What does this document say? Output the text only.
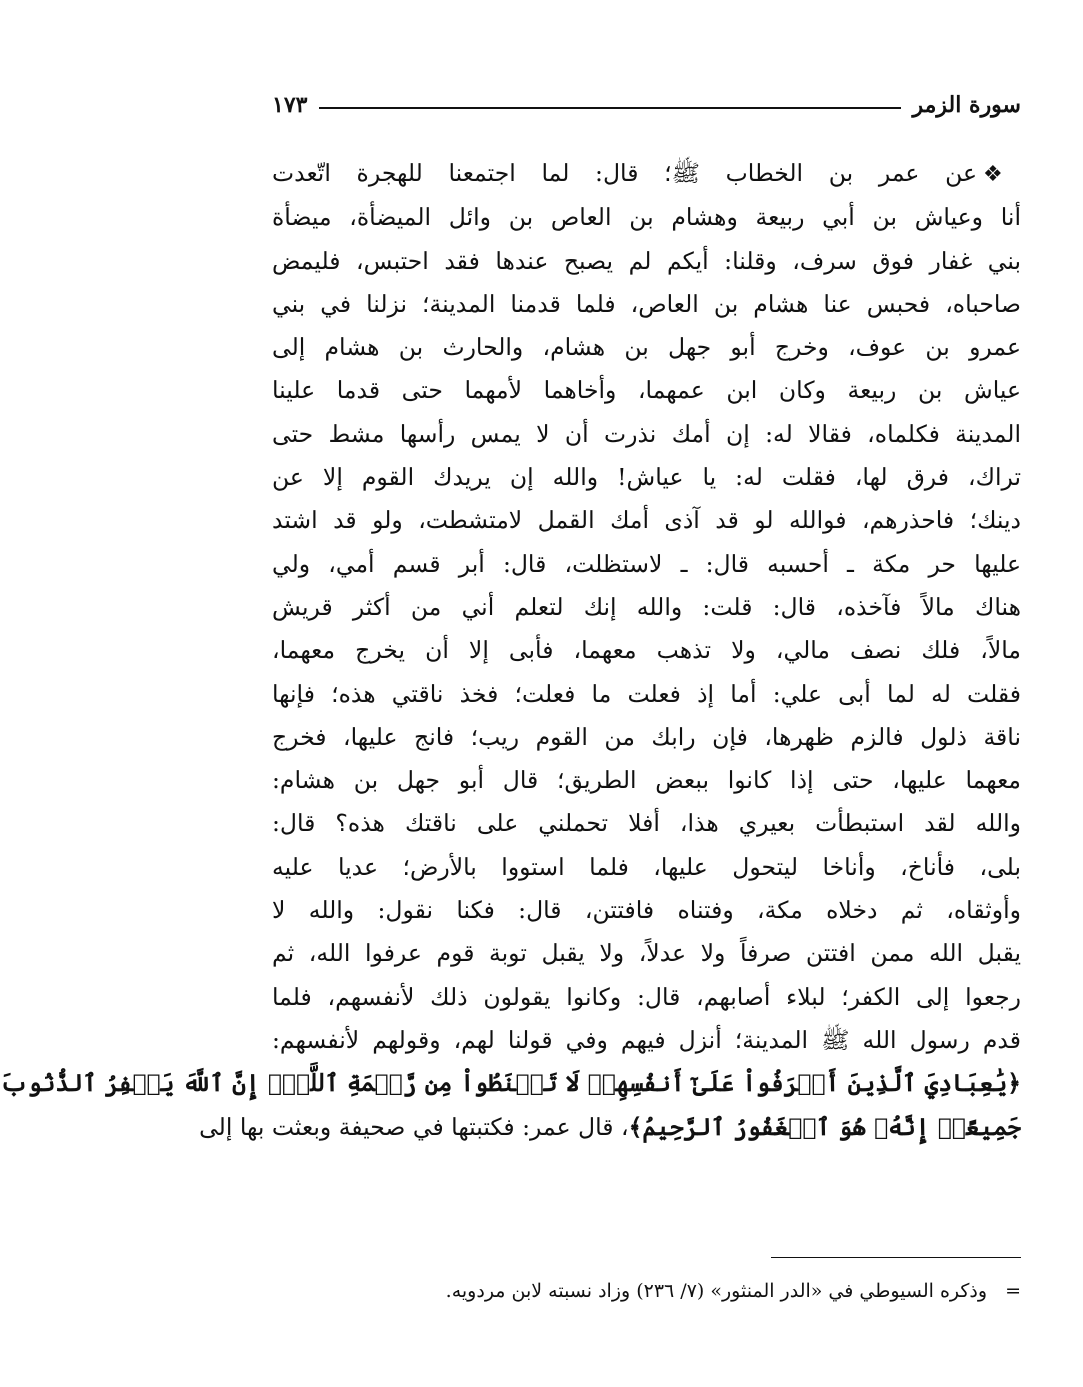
سورة الزمر
١٧٣
❖عن عمر بن الخطاب ﷺ؛ قال: لما اجتمعنا للهجرة اتّعدت
أنا وعياش بن أبي ربيعة وهشام بن العاص بن وائل الميضأة، ميضأة
بني غفار فوق سرف، وقلنا: أيكم لم يصبح عندها فقد احتبس، فليمض
صاحباه، فحبس عنا هشام بن العاص، فلما قدمنا المدينة؛ نزلنا في بني
عمرو بن عوف، وخرج أبو جهل بن هشام، والحارث بن هشام إلى
عياش بن ربيعة وكان ابن عمهما، وأخاهما لأمهما حتى قدما علينا
المدينة فكلماه، فقالا له: إن أمك نذرت أن لا يمس رأسها مشط حتى
تراك، فرق لها، فقلت له: يا عياش! والله إن يريدك القوم إلا عن
دينك؛ فاحذرهم، فوالله لو قد آذى أمك القمل لامتشطت، ولو قد اشتد
عليها حر مكة ـ أحسبه قال: ـ لاستظلت، قال: أبر قسم أمي، ولي
هناك مالاً فآخذه، قال: قلت: والله إنك لتعلم أني من أكثر قريش
مالاً، فلك نصف مالي، ولا تذهب معهما، فأبى إلا أن يخرج معهما،
فقلت له لما أبى علي: أما إذ فعلت ما فعلت؛ فخذ ناقتي هذه؛ فإنها
ناقة ذلول فالزم ظهرها، فإن رابك من القوم ريب؛ فانج عليها، فخرج
معهما عليها، حتى إذا كانوا ببعض الطريق؛ قال أبو جهل بن هشام:
والله لقد استبطأت بعيري هذا، أفلا تحملني على ناقتك هذه؟ قال:
بلى، فأناخ، وأناخا ليتحول عليها، فلما استووا بالأرض؛ عديا عليه
وأوثقاه، ثم دخلاه مكة، وفتناه فافتتن، قال: فكنا نقول: والله لا
يقبل الله ممن افتتن صرفاً ولا عدلاً، ولا يقبل توبة قوم عرفوا الله، ثم
رجعوا إلى الكفر؛ لبلاء أصابهم، قال: وكانوا يقولون ذلك لأنفسهم، فلما
قدم رسول الله ﷺ المدينة؛ أنزل فيهم وفي قولنا لهم، وقولهم لأنفسهم:
﴿يَٰعِبَادِيَ ٱلَّذِينَ أَسۡرَفُواْ عَلَىٰٓ أَنفُسِهِمۡ لَا تَقۡنَطُواْ مِن رَّحۡمَةِ ٱللَّهِۚ إِنَّ ٱللَّهَ يَغۡفِرُ ٱلذُّنُوبَ
جَمِيعًاۚ إِنَّهُۥ هُوَ ٱلۡغَفُورُ ٱلرَّحِيمُ﴾، قال عمر: فكتبتها في صحيفة وبعثت بها إلى
=وذكره السيوطي في «الدر المنثور» (٧/ ٢٣٦) وزاد نسبته لابن مردويه.
